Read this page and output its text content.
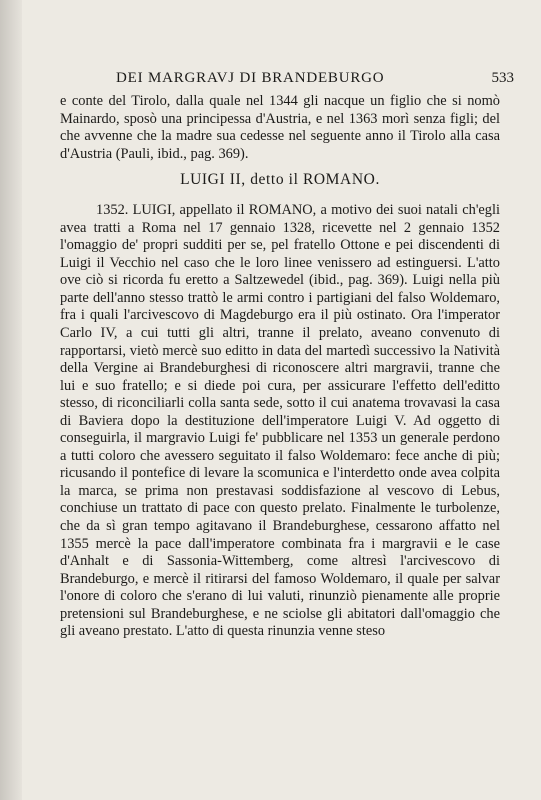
DEI MARGRAVJ DI BRANDEBURGO	533

e conte del Tirolo, dalla quale nel 1344 gli nacque un figlio che si nomò Mainardo, sposò una principessa d'Austria, e nel 1363 morì senza figli; del che avvenne che la madre sua cedesse nel seguente anno il Tirolo alla casa d'Austria (Pauli, ibid., pag. 369).

LUIGI II, detto il ROMANO.

1352. LUIGI, appellato il ROMANO, a motivo dei suoi natali ch'egli avea tratti a Roma nel 17 gennaio 1328, ricevette nel 2 gennaio 1352 l'omaggio de' propri sudditi per se, pel fratello Ottone e pei discendenti di Luigi il Vecchio nel caso che le loro linee venissero ad estinguersi. L'atto ove ciò si ricorda fu eretto a Saltzewedel (ibid., pag. 369). Luigi nella più parte dell'anno stesso trattò le armi contro i partigiani del falso Woldemaro, fra i quali l'arcivescovo di Magdeburgo era il più ostinato. Ora l'imperator Carlo IV, a cui tutti gli altri, tranne il prelato, aveano convenuto di rapportarsi, vietò mercè suo editto in data del martedì successivo la Natività della Vergine ai Brandeburghesi di riconoscere altri margravii, tranne che lui e suo fratello; e si diede poi cura, per assicurare l'effetto dell'editto stesso, di riconciliarli colla santa sede, sotto il cui anatema trovavasi la casa di Baviera dopo la destituzione dell'imperatore Luigi V. Ad oggetto di conseguirla, il margravio Luigi fe' pubblicare nel 1353 un generale perdono a tutti coloro che avessero seguitato il falso Woldemaro: fece anche di più; ricusando il pontefice di levare la scomunica e l'interdetto onde avea colpita la marca, se prima non prestavasi soddisfazione al vescovo di Lebus, conchiuse un trattato di pace con questo prelato. Finalmente le turbolenze, che da sì gran tempo agitavano il Brandeburghese, cessarono affatto nel 1355 mercè la pace dall'imperatore combinata fra i margravii e le case d'Anhalt e di Sassonia-Wittemberg, come altresì l'arcivescovo di Brandeburgo, e mercè il ritirarsi del famoso Woldemaro, il quale per salvar l'onore di coloro che s'erano di lui valuti, rinunziò pienamente alle proprie pretensioni sul Brandeburghese, e ne sciolse gli abitatori dall'omaggio che gli aveano prestato. L'atto di questa rinunzia venne steso
